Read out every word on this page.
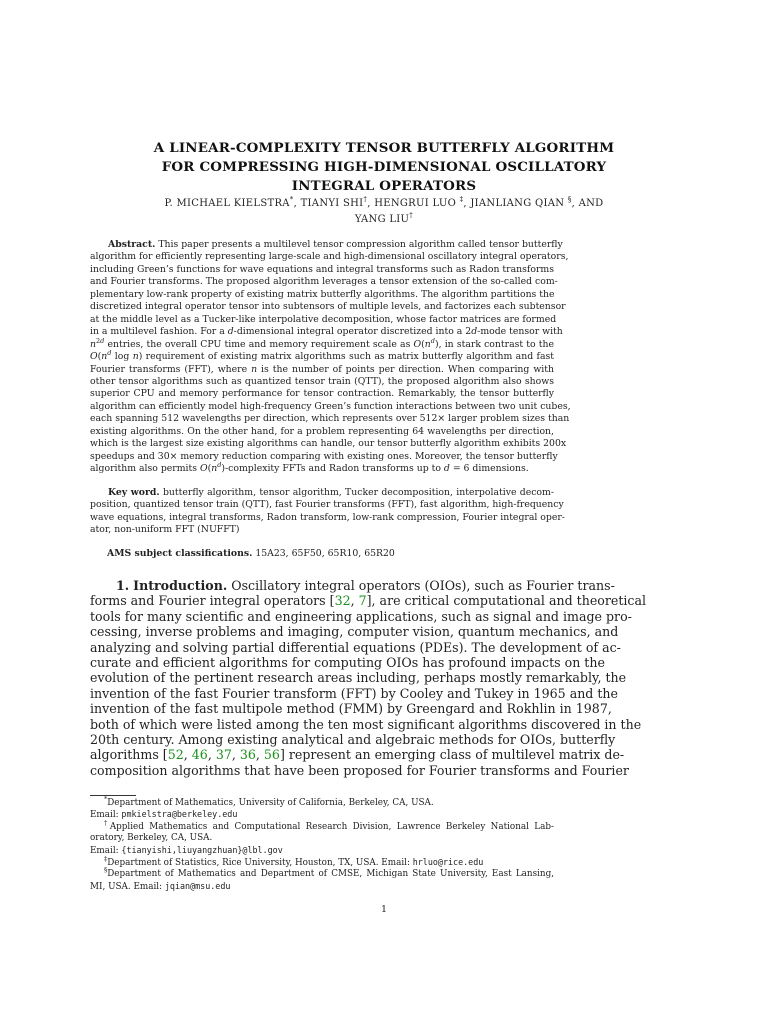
A LINEAR-COMPLEXITY TENSOR BUTTERFLY ALGORITHM
FOR COMPRESSING HIGH-DIMENSIONAL OSCILLATORY
INTEGRAL OPERATORS
P. MICHAEL KIELSTRA*, TIANYI SHI†, HENGRUI LUO ‡, JIANLIANG QIAN §, AND
YANG LIU†
Abstract. This paper presents a multilevel tensor compression algorithm called tensor butterfly
algorithm for efficiently representing large-scale and high-dimensional oscillatory integral operators,
including Green’s functions for wave equations and integral transforms such as Radon transforms
and Fourier transforms. The proposed algorithm leverages a tensor extension of the so-called com-
plementary low-rank property of existing matrix butterfly algorithms. The algorithm partitions the
discretized integral operator tensor into subtensors of multiple levels, and factorizes each subtensor
at the middle level as a Tucker-like interpolative decomposition, whose factor matrices are formed
in a multilevel fashion. For a d-dimensional integral operator discretized into a 2d-mode tensor with
$n^{2d}$ entries, the overall CPU time and memory requirement scale as $O(n^d)$, in stark contrast to the
$O(n^d$ log n) requirement of existing matrix algorithms such as matrix butterfly algorithm and fast
Fourier transforms (FFT), where n is the number of points per direction. When comparing with
other tensor algorithms such as quantized tensor train (QTT), the proposed algorithm also shows
superior CPU and memory performance for tensor contraction. Remarkably, the tensor butterfly
algorithm can efficiently model high-frequency Green’s function interactions between two unit cubes,
each spanning 512 wavelengths per direction, which represents over 512× larger problem sizes than
existing algorithms. On the other hand, for a problem representing 64 wavelengths per direction,
which is the largest size existing algorithms can handle, our tensor butterfly algorithm exhibits 200x
speedups and 30× memory reduction comparing with existing ones. Moreover, the tensor butterfly
algorithm also permits $O(n^d)$-complexity FFTs and Radon transforms up to d = 6 dimensions.
Key word. butterfly algorithm, tensor algorithm, Tucker decomposition, interpolative decom-
position, quantized tensor train (QTT), fast Fourier transforms (FFT), fast algorithm, high-frequency
wave equations, integral transforms, Radon transform, low-rank compression, Fourier integral oper-
ator, non-uniform FFT (NUFFT)
AMS subject classifications. 15A23, 65F50, 65R10, 65R20
1. Introduction. Oscillatory integral operators (OIOs), such as Fourier trans-
forms and Fourier integral operators [32, 7], are critical computational and theoretical
tools for many scientific and engineering applications, such as signal and image pro-
cessing, inverse problems and imaging, computer vision, quantum mechanics, and
analyzing and solving partial differential equations (PDEs). The development of ac-
curate and efficient algorithms for computing OIOs has profound impacts on the
evolution of the pertinent research areas including, perhaps mostly remarkably, the
invention of the fast Fourier transform (FFT) by Cooley and Tukey in 1965 and the
invention of the fast multipole method (FMM) by Greengard and Rokhlin in 1987,
both of which were listed among the ten most significant algorithms discovered in the
20th century. Among existing analytical and algebraic methods for OIOs, butterfly
algorithms [52, 46, 37, 36, 56] represent an emerging class of multilevel matrix de-
composition algorithms that have been proposed for Fourier transforms and Fourier
*Department of Mathematics, University of California, Berkeley, CA, USA.
Email: pmkielstra@berkeley.edu
†Applied Mathematics and Computational Research Division, Lawrence Berkeley National Lab-
oratory, Berkeley, CA, USA.
Email: {tianyishi,liuyangzhuan}@lbl.gov
‡Department of Statistics, Rice University, Houston, TX, USA. Email: hrluo@rice.edu
§Department of Mathematics and Department of CMSE, Michigan State University, East Lansing,
MI, USA. Email: jqian@msu.edu
1
